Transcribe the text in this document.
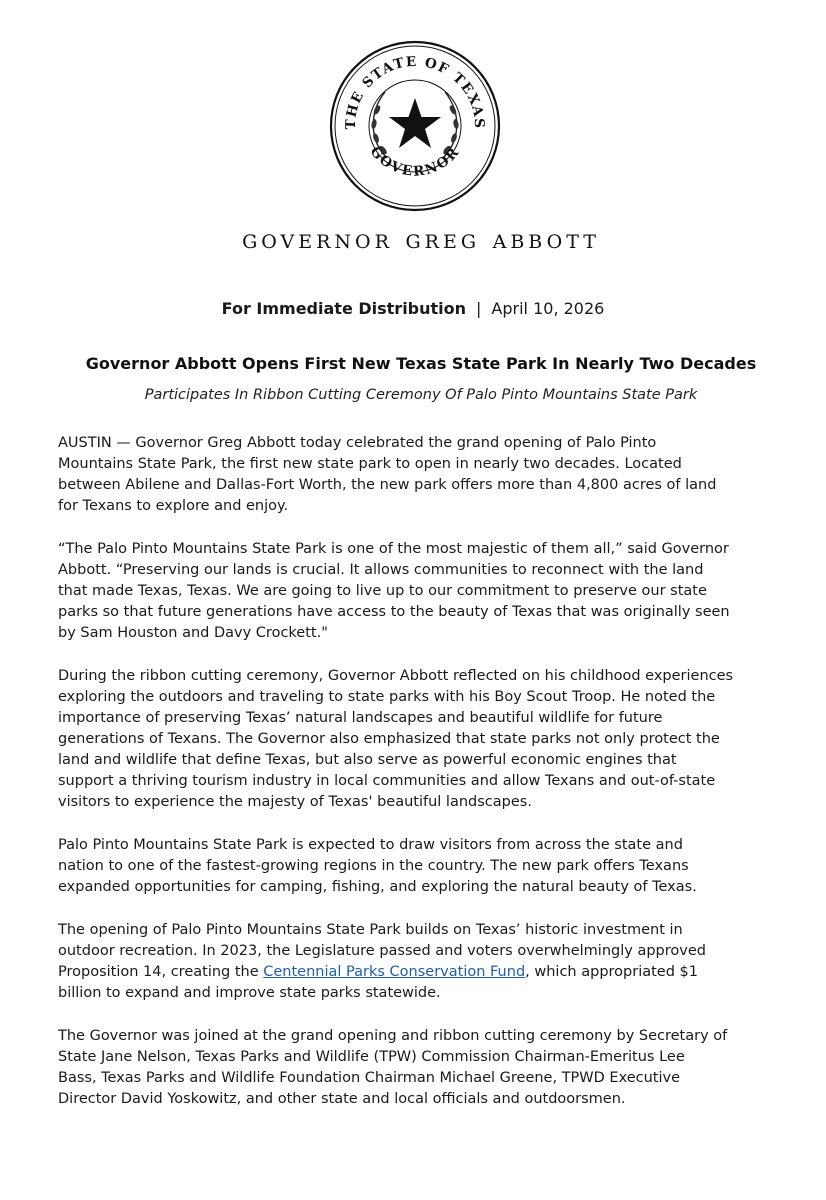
THE STATE OF TEXAS
GOVERNOR
governor greg abbott
For Immediate Distribution | April 10, 2026
Governor Abbott Opens First New Texas State Park In Nearly Two Decades
Participates In Ribbon Cutting Ceremony Of Palo Pinto Mountains State Park

AUSTIN — Governor Greg Abbott today celebrated the grand opening of Palo Pinto
Mountains State Park, the first new state park to open in nearly two decades. Located
between Abilene and Dallas-Fort Worth, the new park offers more than 4,800 acres of land
for Texans to explore and enjoy.

“The Palo Pinto Mountains State Park is one of the most majestic of them all,” said Governor
Abbott. “Preserving our lands is crucial. It allows communities to reconnect with the land
that made Texas, Texas. We are going to live up to our commitment to preserve our state
parks so that future generations have access to the beauty of Texas that was originally seen
by Sam Houston and Davy Crockett."

During the ribbon cutting ceremony, Governor Abbott reflected on his childhood experiences
exploring the outdoors and traveling to state parks with his Boy Scout Troop. He noted the
importance of preserving Texas’ natural landscapes and beautiful wildlife for future
generations of Texans. The Governor also emphasized that state parks not only protect the
land and wildlife that define Texas, but also serve as powerful economic engines that
support a thriving tourism industry in local communities and allow Texans and out-of-state
visitors to experience the majesty of Texas' beautiful landscapes.

Palo Pinto Mountains State Park is expected to draw visitors from across the state and
nation to one of the fastest-growing regions in the country. The new park offers Texans
expanded opportunities for camping, fishing, and exploring the natural beauty of Texas.

The opening of Palo Pinto Mountains State Park builds on Texas’ historic investment in
outdoor recreation. In 2023, the Legislature passed and voters overwhelmingly approved
Proposition 14, creating the Centennial Parks Conservation Fund, which appropriated $1
billion to expand and improve state parks statewide.

The Governor was joined at the grand opening and ribbon cutting ceremony by Secretary of
State Jane Nelson, Texas Parks and Wildlife (TPW) Commission Chairman-Emeritus Lee
Bass, Texas Parks and Wildlife Foundation Chairman Michael Greene, TPWD Executive
Director David Yoskowitz, and other state and local officials and outdoorsmen.
